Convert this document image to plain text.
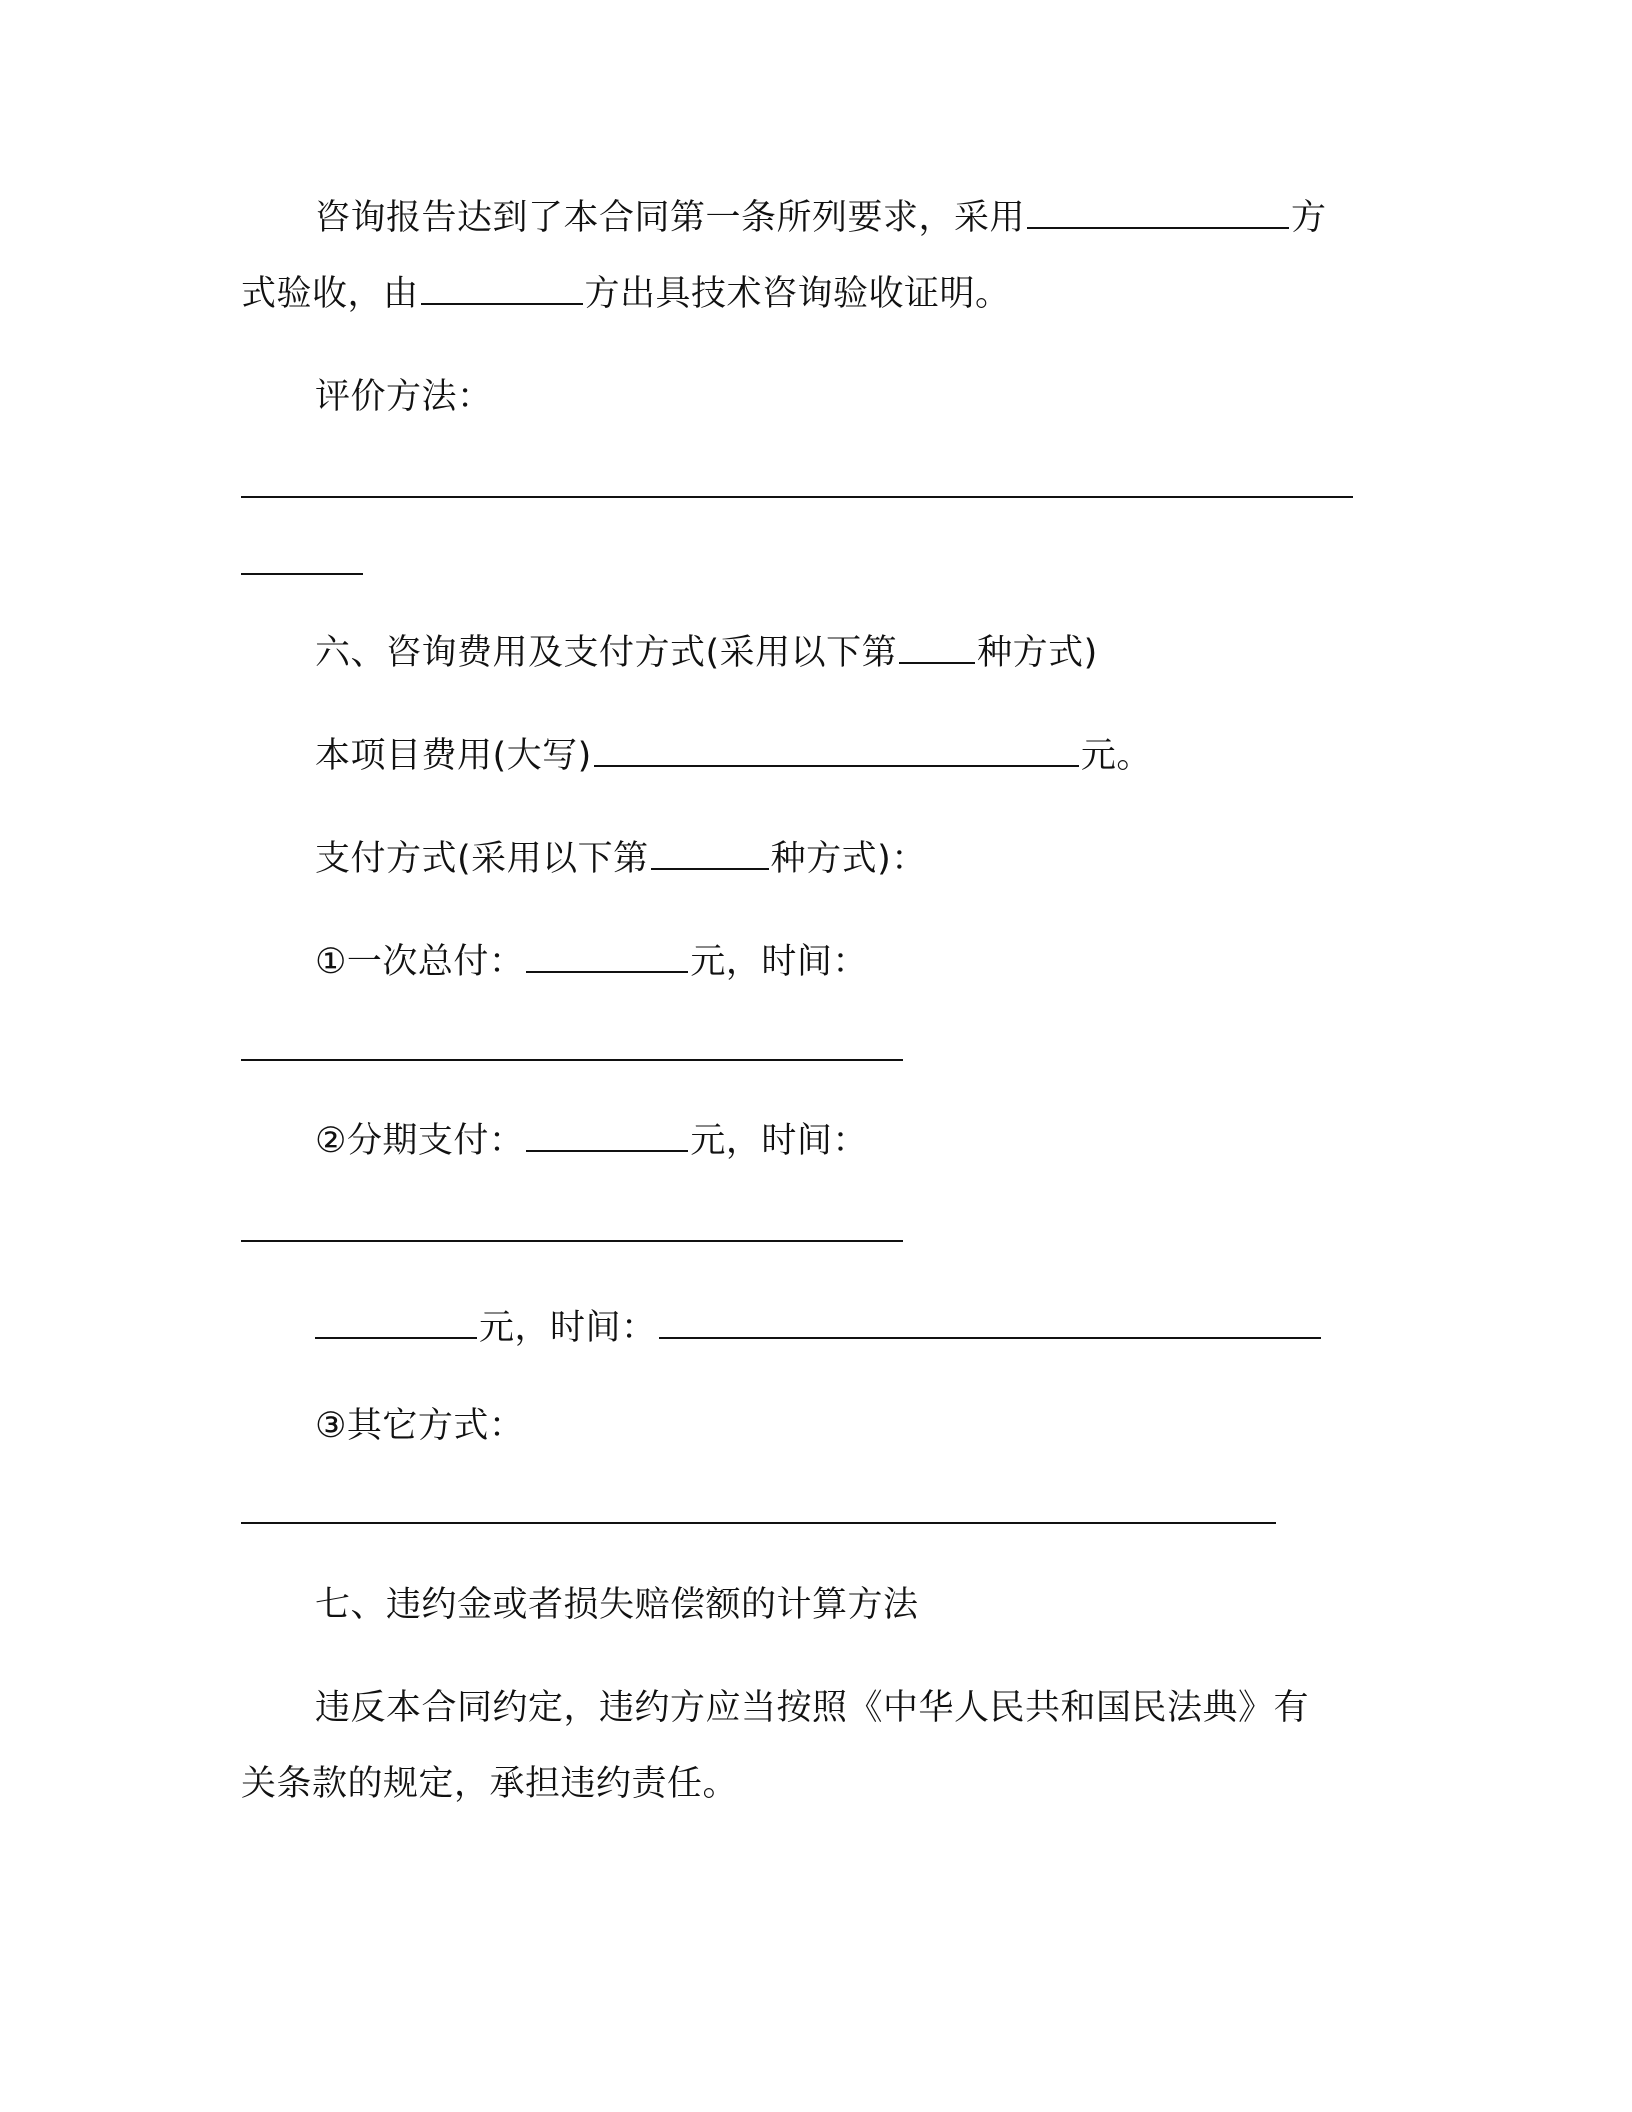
咨询报告达到了本合同第一条所列要求，采用	方
式验收，由	方出具技术咨询验收证明。
评价方法：
六、咨询费用及支付方式(采用以下第 种方式)
本项目费用(大写)	元。
支付方式(采用以下第	种方式)：
①一次总付：	元，时间：
②分期支付：	元，时间：
元，时间：
③其它方式：
七、违约金或者损失赔偿额的计算方法
违反本合同约定，违约方应当按照《中华人民共和国民法典》有
关条款的规定，承担违约责任。
